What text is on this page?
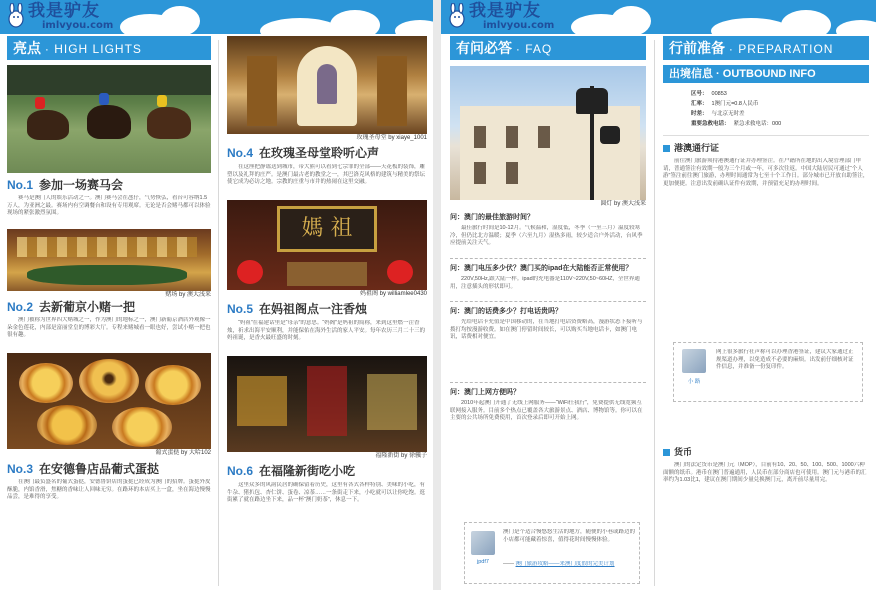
我是驴友
imlvyou.com
亮点 · HIGH LIGHTS
No.1 参加一场赛马会
赛马是澳门人的娱乐活动之一。澳门赛马会在氹仔，气势恢弘，看台可容纳1.5万人，为亚洲之最。赛场内有空调餐台和设有专用观席。无论是否会赌马都可以体验现场的紧张激烈氛围。
赌场 by 澳大浅来
No.2 去新葡京小赌一把
澳门被称为世界四大赌城之一，作为澳门的地标之一，澳门新葡京酒店外观像一朵金色莲花，内部是富丽堂皇的博彩大厅。专程来赌城看一眼也好，尝试小赌一把也很有趣。
葡式蛋挞 by 大哈102
No.3 在安德鲁店品葡式蛋挞
在澳门最负盛名的葡式蛋挞，安德鲁饼店的蛋挞已经成为澳门的招牌。蛋挞外皮酥脆，内馅香滑，焦糖的香味让人回味无穷。在路环的本店买上一盒，坐在海边慢慢品尝，是难得的享受。
玫瑰圣母堂 by xiaye_1001
No.4 在玫瑰圣母堂聆听心声
在这座把静谧送到城市，带大熊可以看到七宗罪的全部——天花板的装饰，雕塑以及礼拜的庄严。是澳门最古老的教堂之一，其巴洛克风格的建筑与精美的祭坛使它成为必访之地。宗教的庄重与市井的热闹在这里交融。
媽 祖
妈祖阁 by williamlee0430
No.5 在妈祖阁点一注香烛
“妈祖”在福建话里是“母亲”的意思。“妈阁”是妈祖的简称，来到这里燃一注香烛，祈求出海平安顺利，并能保佑在海外生活的家人平安。每年农历三月二十三的妈祖诞，是香火最旺盛的时刻。
福隆新街 by 徐骥子
No.6 在福隆新街吃小吃
这里众多的风韵民居的确保留着历史，这里有各式各样特别、美味的小吃，有牛杂、猪扒包、杏仁饼、蛋卷、凉茶……一条街走下来，小吃就可以让你吃饱。逛街累了就在路边坐下来，品一杯“澳门奶茶”，休息一下。
我是驴友
imlvyou.com
有问必答 · FAQ
圆灯 by 澳大浅来
问：澳门的最佳旅游时间？
最佳旅行时间是10-12月。气候温和，湿度低，冬季（一至三月）温度较寒冷，但仍比北方温暖；夏季（六至九月）湿热多雨，较少适合户外活动，台风季应提前关注天气。
问：澳门电压多少伏？澳门买的ipad在大陆能否正常使用？
220V,50Hz,跟大陆一样。ipad的充电器是110V~220V,50~60HZ，全世界通用，注意插头的形状即可。
问：澳门的话费多少？打电话贵吗？
先给电话卡充值是中国移动的，在当地打电话资费略高，漫游状态下接听与拨打均按漫游收费。如在澳门停留时间较长，可以购买当地电话卡，如澳门电讯，话费相对便宜。
问：澳门上网方便吗？
2010年起澳门开通了无线上网服务——“WiFi任我行”，免费提供无线宽频互联网接入服务。目前多个热点已覆盖各大旅游景点、酒店、博物馆等。你可以在主要的公共场所免费使用，首次登录后即可开始上网。
jpdf7
澳门是个适合慢悠悠生活的地方，随便的小巷或路边的小店都可能藏着惊喜，值得花时间慢慢体验。
—— 澳门旅游攻略——来澳门度假的完美计划
行前准备 · PREPARATION
出境信息 · OUTBOUND INFO
区号： 00853
汇率： 1澳门元=0.8人民币
时差： 与北京无时差
重要急救电话： 紧急求救电话：000
港澳通行证
前往澳门旅游须持港澳通行证并办理签注。在户籍所在地的出入境管理部门申请，普通签注有效期一般为三个月或一年，可多次往返。中国大陆居民可通过“个人游”签注前往澳门旅游，办理时间通常为七至十个工作日。部分城市已开放自助签注，更加便捷。注意出发前确认证件有效期，并预留充足的办理时间。
小 路
网上很多旅行社声称可以办理香港签证，建议大家通过正规渠道办理，以免造成不必要的麻烦。出发前仔细核对证件信息，并准备一份复印件。
货币
澳门的法定货币是澳门元（MOP），目前有10、20、50、100、500、1000六种面额的纸币。港币在澳门普遍通用，人民币在部分商店也可使用。澳门元与港币的汇率约为1.03比1，建议在澳门期间少量兑换澳门元，离开前尽量用完。
